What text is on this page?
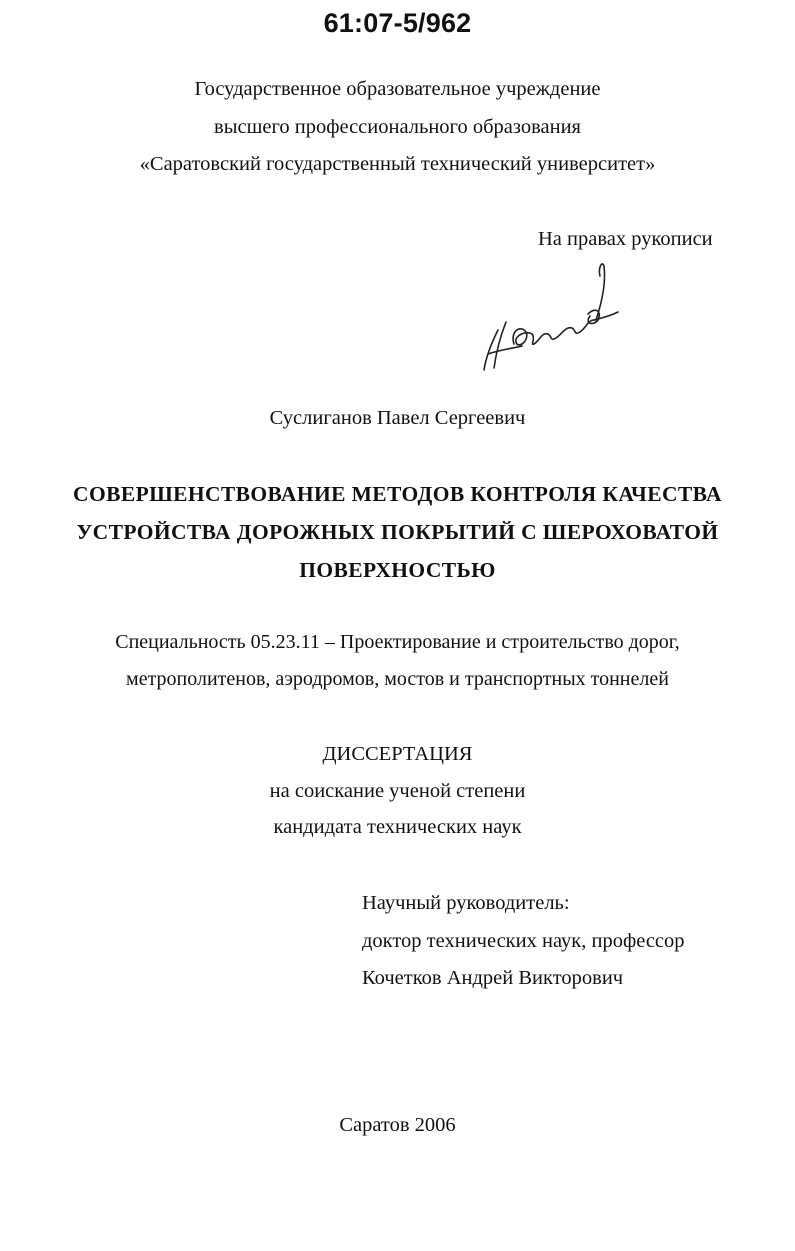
61:07-5/962
Государственное образовательное учреждение
высшего профессионального образования
«Саратовский государственный технический университет»
На правах рукописи
Суслиганов Павел Сергеевич
СОВЕРШЕНСТВОВАНИЕ МЕТОДОВ КОНТРОЛЯ КАЧЕСТВА
УСТРОЙСТВА ДОРОЖНЫХ ПОКРЫТИЙ С ШЕРОХОВАТОЙ
ПОВЕРХНОСТЬЮ
Специальность 05.23.11 – Проектирование и строительство дорог,
метрополитенов, аэродромов, мостов и транспортных тоннелей
ДИССЕРТАЦИЯ
на соискание ученой степени
кандидата технических наук
Научный руководитель:
доктор технических наук, профессор
Кочетков Андрей Викторович
Саратов 2006
